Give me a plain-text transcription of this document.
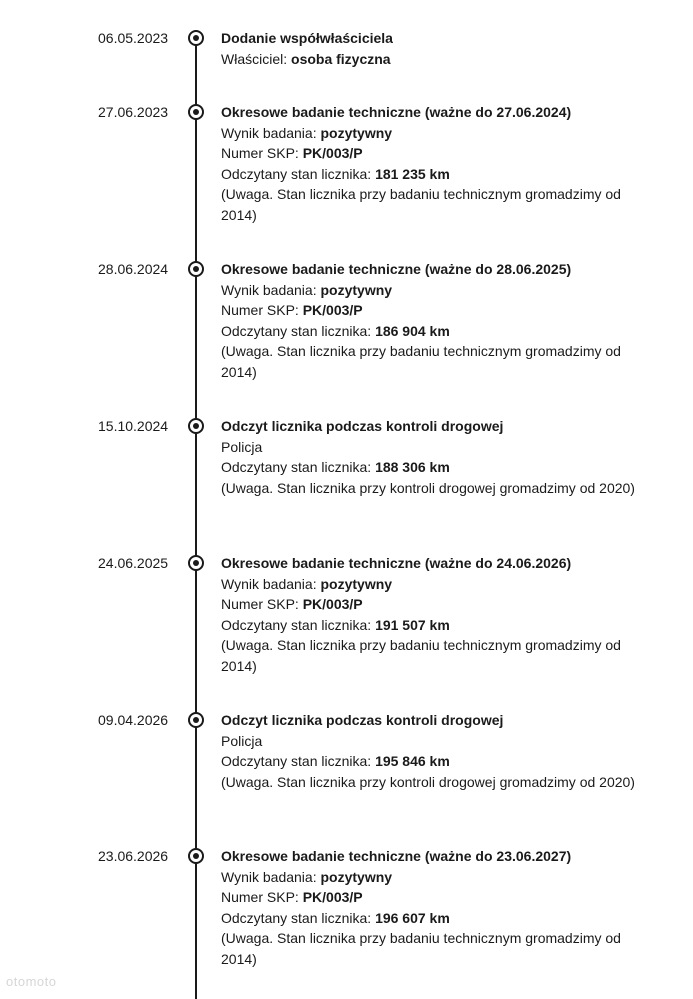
06.05.2023	Dodanie współwłaściciela

Właściciel: osoba fizyczna

27.06.2023	Okresowe badanie techniczne (ważne do 27.06.2024)

Wynik badania: pozytywny

Numer SKP: PK/003/P

Odczytany stan licznika: 181 235 km

(Uwaga. Stan licznika przy badaniu technicznym gromadzimy od 2014)

28.06.2024	Okresowe badanie techniczne (ważne do 28.06.2025)

Wynik badania: pozytywny

Numer SKP: PK/003/P

Odczytany stan licznika: 186 904 km

(Uwaga. Stan licznika przy badaniu technicznym gromadzimy od 2014)

15.10.2024	Odczyt licznika podczas kontroli drogowej

Policja

Odczytany stan licznika: 188 306 km

(Uwaga. Stan licznika przy kontroli drogowej gromadzimy od 2020)

24.06.2025	Okresowe badanie techniczne (ważne do 24.06.2026)

Wynik badania: pozytywny

Numer SKP: PK/003/P

Odczytany stan licznika: 191 507 km

(Uwaga. Stan licznika przy badaniu technicznym gromadzimy od 2014)

09.04.2026	Odczyt licznika podczas kontroli drogowej

Policja

Odczytany stan licznika: 195 846 km

(Uwaga. Stan licznika przy kontroli drogowej gromadzimy od 2020)

23.06.2026	Okresowe badanie techniczne (ważne do 23.06.2027)

Wynik badania: pozytywny

Numer SKP: PK/003/P

Odczytany stan licznika: 196 607 km

(Uwaga. Stan licznika przy badaniu technicznym gromadzimy od 2014)

otomoto
